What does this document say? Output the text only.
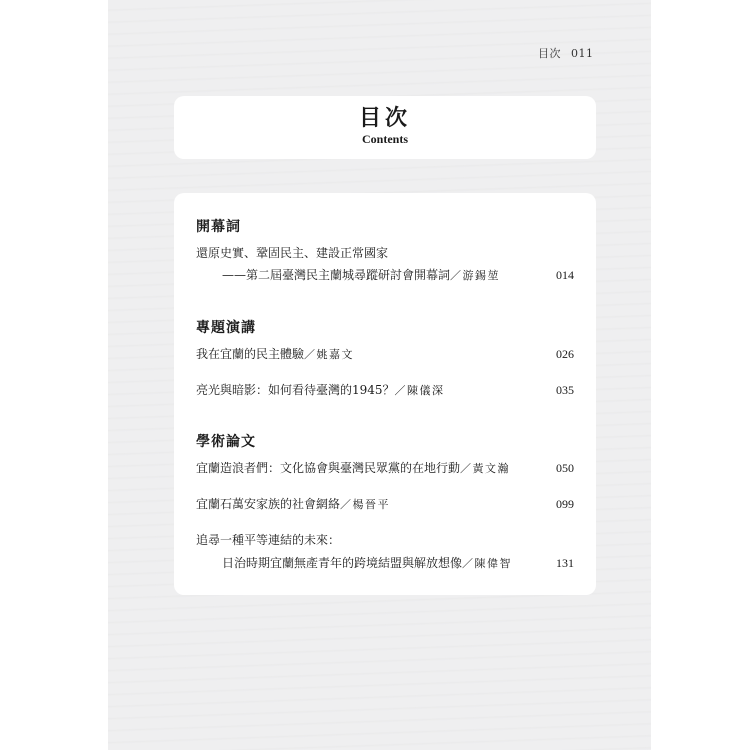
目次 011
目次
Contents
開幕詞
還原史實、鞏固民主、建設正常國家
——第二屆臺灣民主蘭城尋蹤研討會開幕詞／游錫堃	014
專題演講
我在宜蘭的民主體驗／姚嘉文	026
亮光與暗影：如何看待臺灣的1945？／陳儀深	035
學術論文
宜蘭造浪者們：文化協會與臺灣民眾黨的在地行動／黃文瀚	050
宜蘭石萬安家族的社會網絡／楊晉平	099
追尋一種平等連結的未來：
日治時期宜蘭無產青年的跨境結盟與解放想像／陳偉智	131
